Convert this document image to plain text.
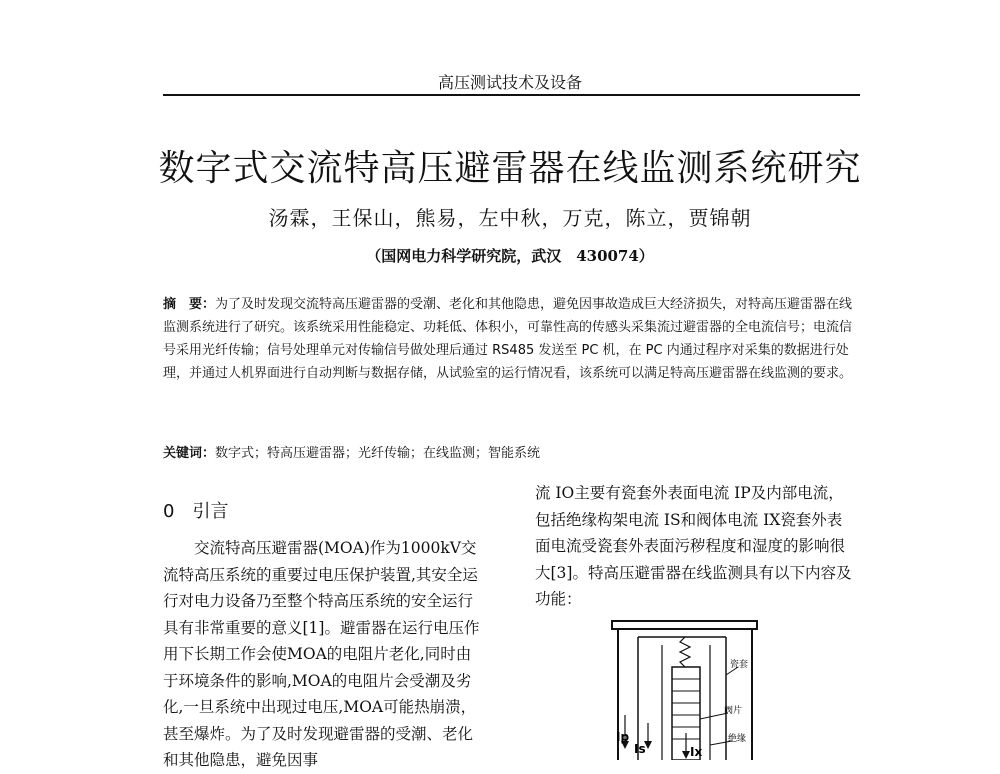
高压测试技术及设备
数字式交流特高压避雷器在线监测系统研究
汤霖，王保山，熊易，左中秋，万克，陈立，贾锦朝
（国网电力科学研究院，武汉　430074）
摘　要：为了及时发现交流特高压避雷器的受潮、老化和其他隐患，避免因事故造成巨大经济损失，对特高压避雷器在线监测系统进行了研究。该系统采用性能稳定、功耗低、体积小，可靠性高的传感头采集流过避雷器的全电流信号；电流信号采用光纤传输；信号处理单元对传输信号做处理后通过 RS485 发送至 PC 机，在 PC 内通过程序对采集的数据进行处理，并通过人机界面进行自动判断与数据存储，从试验室的运行情况看，该系统可以满足特高压避雷器在线监测的要求。
关键词：数字式；特高压避雷器；光纤传输；在线监测；智能系统
0　引言
交流特高压避雷器(MOA)作为1000kV交流特高压系统的重要过电压保护装置,其安全运行对电力设备乃至整个特高压系统的安全运行具有非常重要的意义[1]。避雷器在运行电压作用下长期工作会使MOA的电阻片老化,同时由于环境条件的影响,MOA的电阻片会受潮及劣化,一旦系统中出现过电压,MOA可能热崩溃，甚至爆炸。为了及时发现避雷器的受潮、老化和其他隐患，避免因事
流 IO主要有瓷套外表面电流 IP及内部电流，包括绝缘构架电流 IS和阀体电流 IX瓷套外表面电流受瓷套外表面污秽程度和湿度的影响很大[3]。特高压避雷器在线监测具有以下内容及功能：
瓷套
阀片
绝缘
Ip
Is	Ix
